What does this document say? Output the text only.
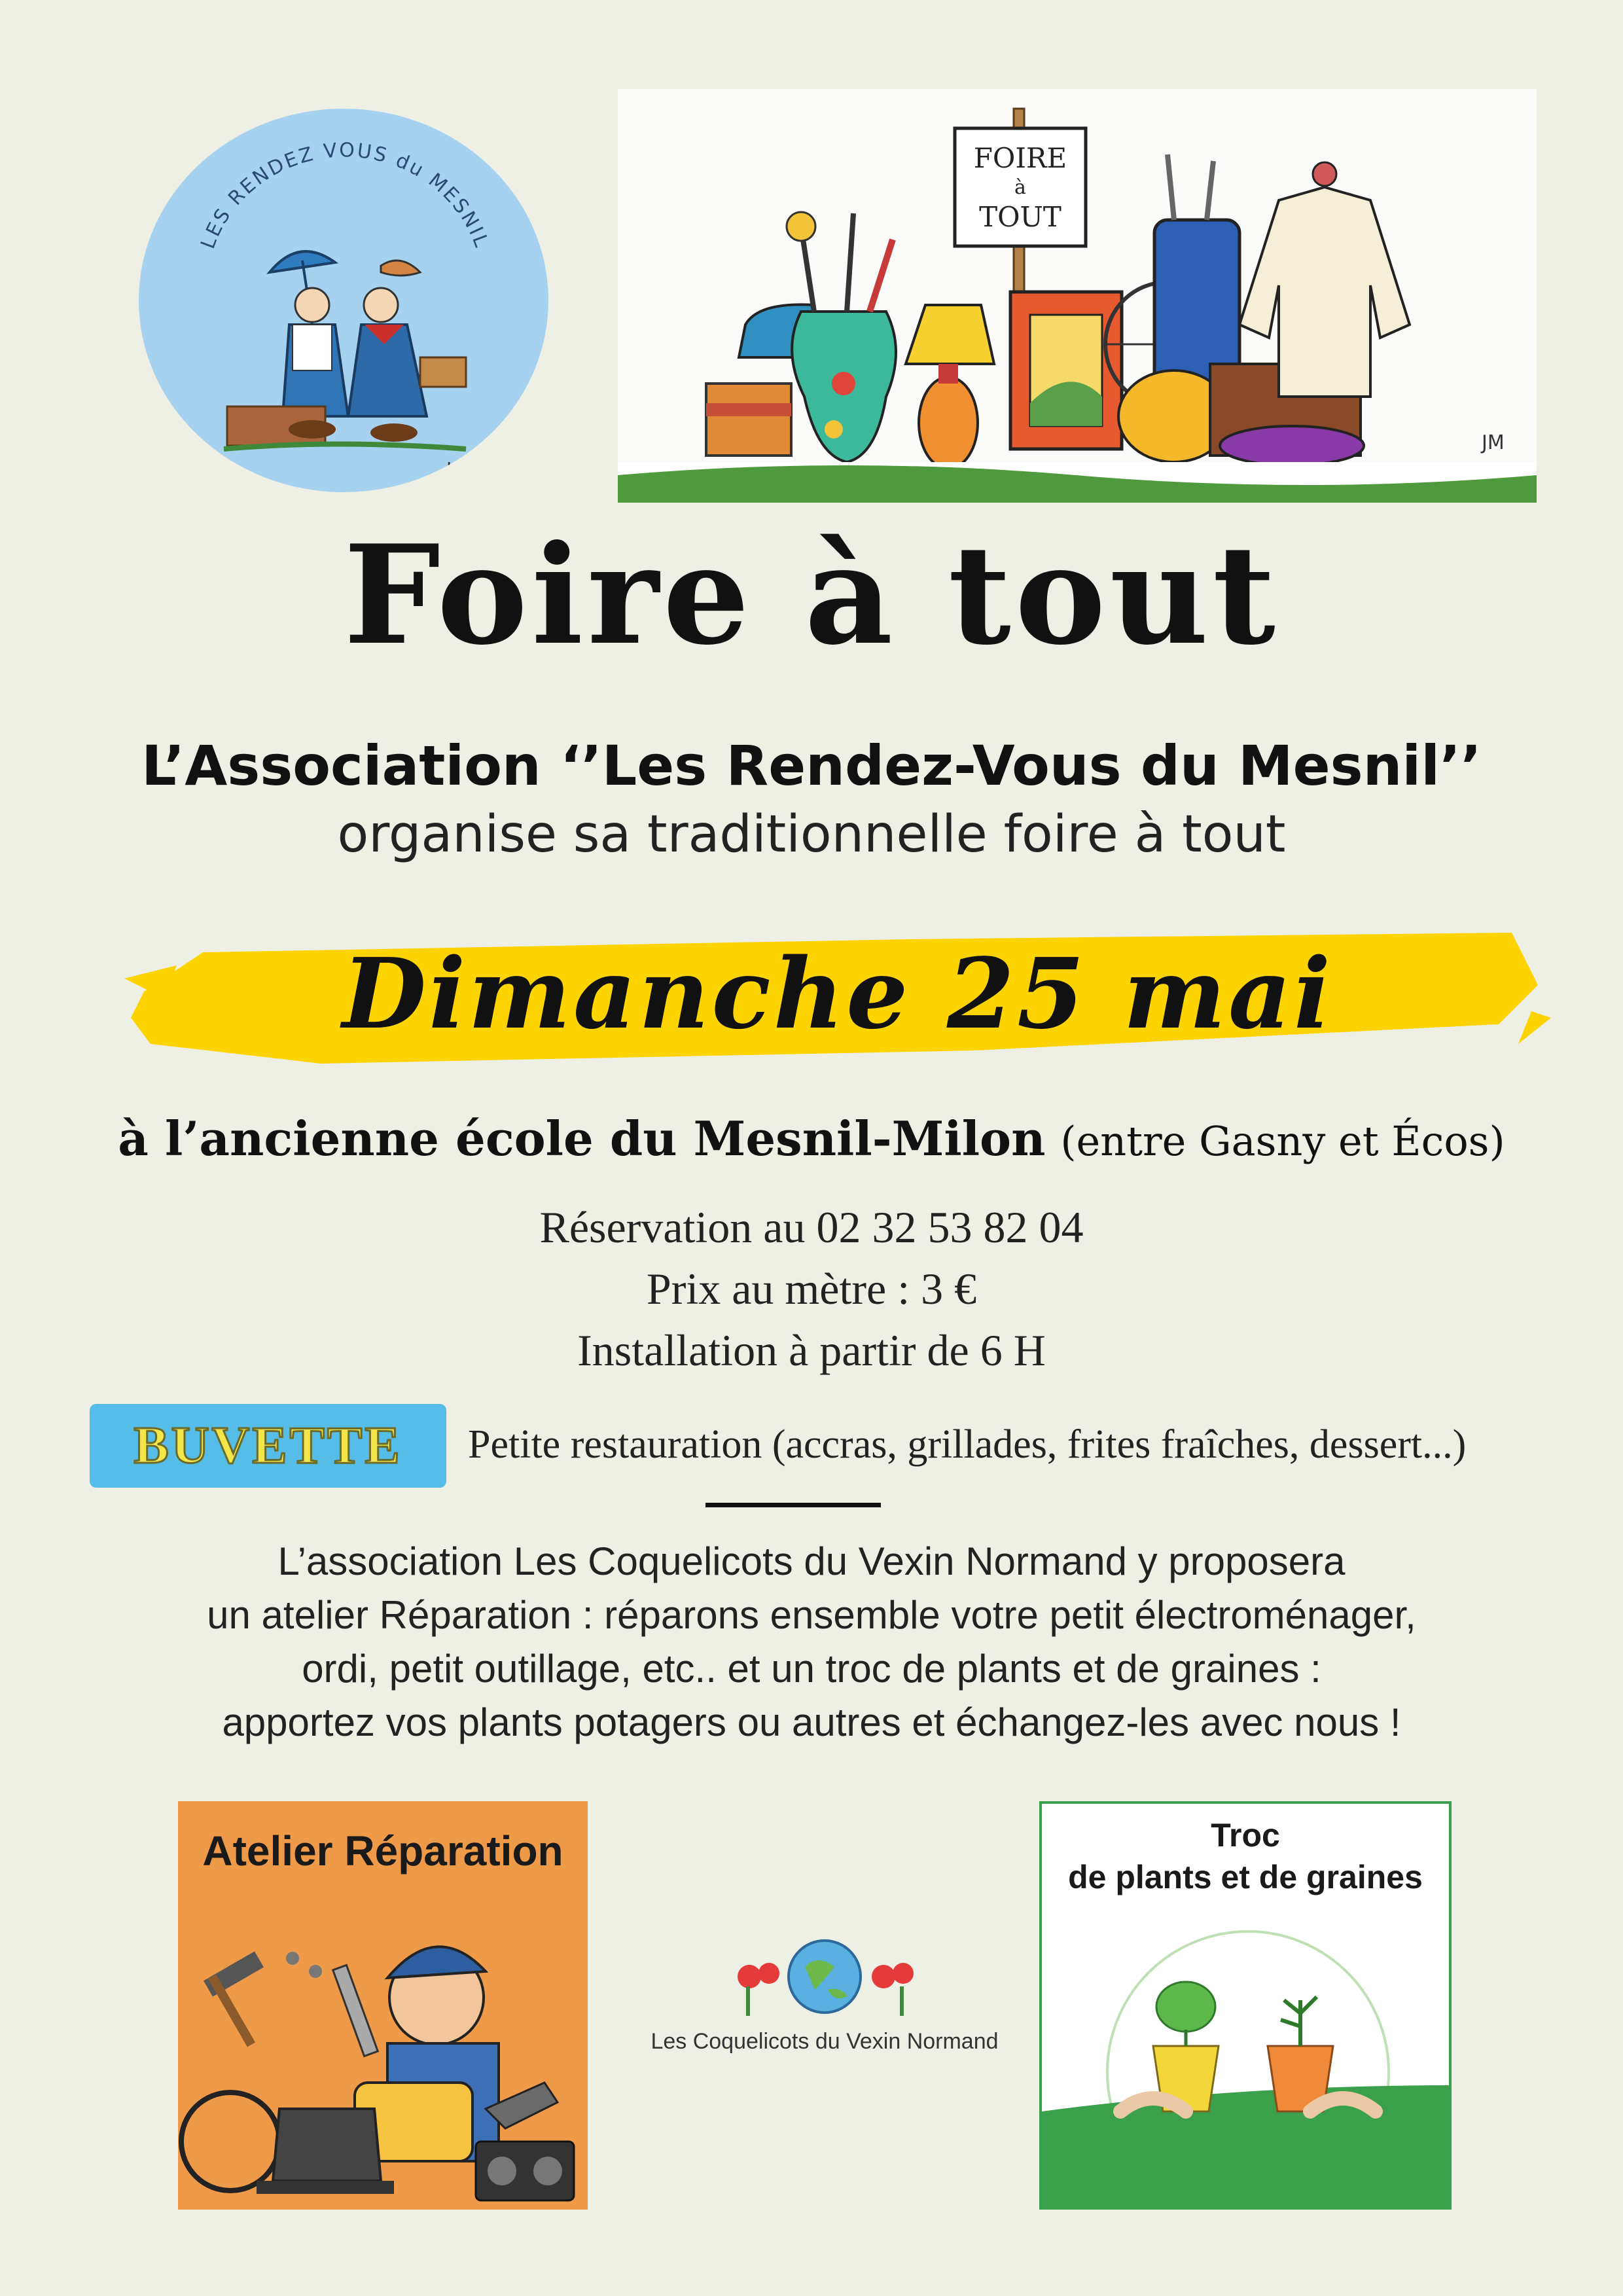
LES RENDEZ VOUS du MESNIL
JM
FOIRE
à
TOUT
JM
Foire à tout
L’Association ‘’Les Rendez-Vous du Mesnil’’
organise sa traditionnelle foire à tout
Dimanche 25 mai
à l’ancienne école du Mesnil-Milon (entre Gasny et Écos)
Réservation au 02 32 53 82 04
Prix au mètre : 3 €
Installation à partir de 6 H
BUVETTE	Petite restauration (accras, grillades, frites fraîches, dessert...)
L’association Les Coquelicots du Vexin Normand y proposera
un atelier Réparation : réparons ensemble votre petit électroménager,
ordi, petit outillage, etc.. et un troc de plants et de graines :
apportez vos plants potagers ou autres et échangez-les avec nous !
Atelier Réparation
Les Coquelicots du Vexin Normand
Troc
de plants et de graines
